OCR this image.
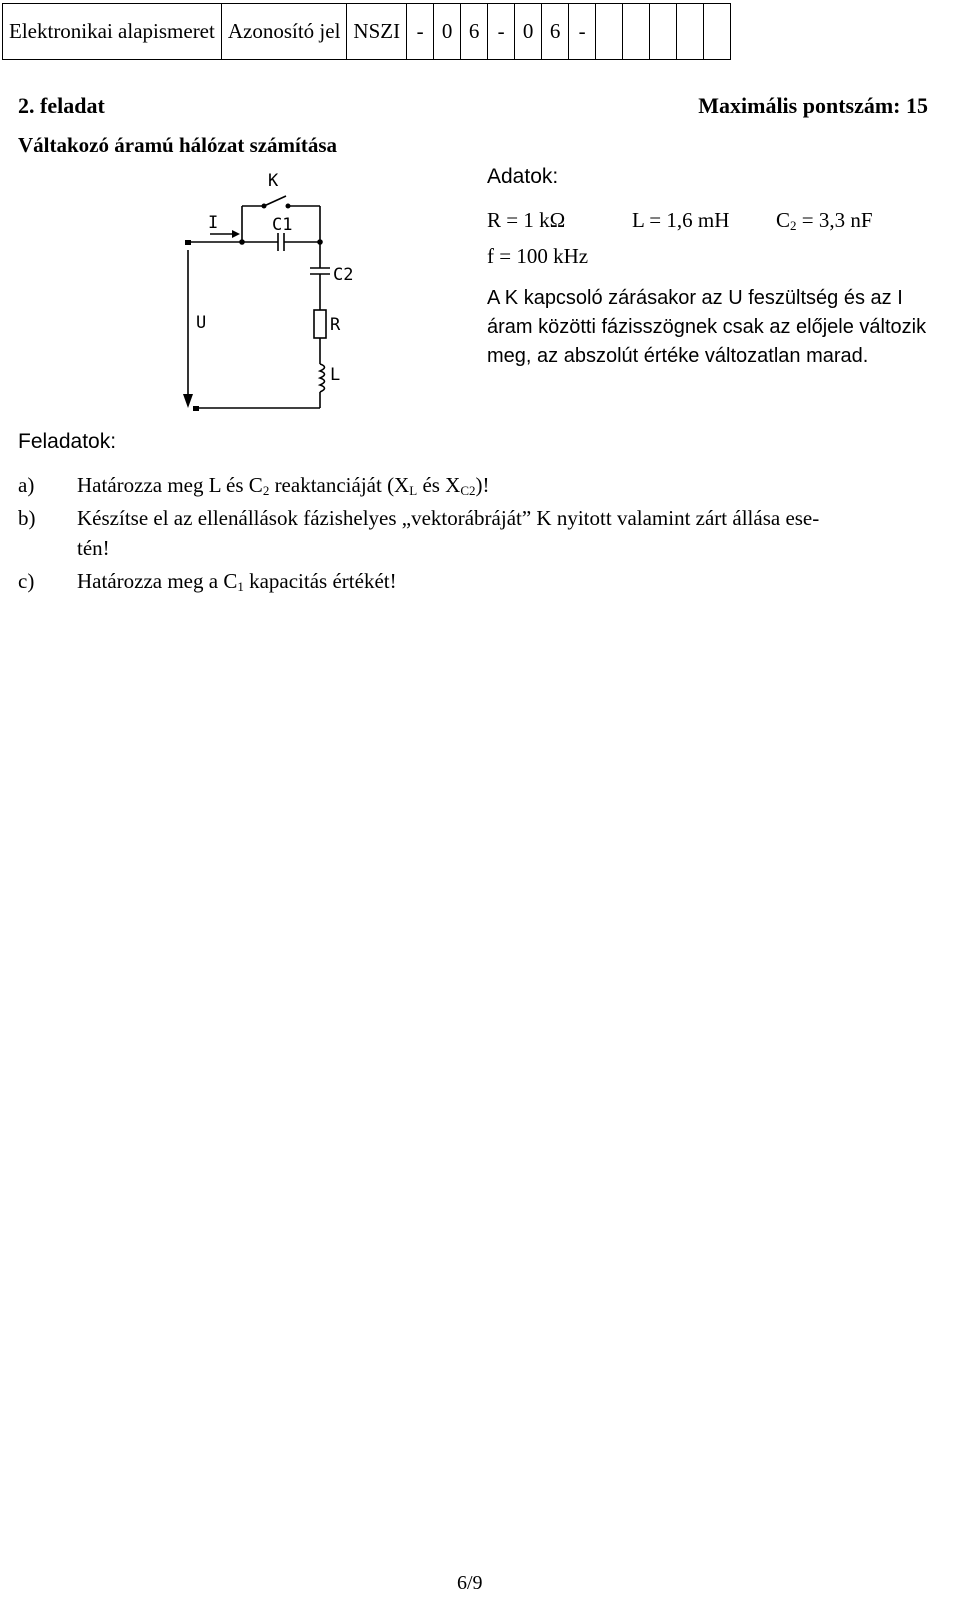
Elektronikai alapismeret	Azonosító jel	NSZI	-	0	6	-	0	6	-					
2. feladat	Maximális pontszám: 15
Váltakozó áramú hálózat számítása
K
C1
C2
R
L
I
U
Adatok:
R = 1 kΩ	L = 1,6 mH $C_2 = 3,3$ nF
f = 100 kHz
A K kapcsoló zárásakor az U feszültség és az I áram közötti fázisszögnek csak az előjele változik meg, az abszolút értéke változatlan marad.
Feladatok:
a) Határozza meg L és $C_2$ reaktanciáját ($X_L$ és $X_{C2}$)!
b) Készítse el az ellenállások fázishelyes „vektorábráját” K nyitott valamint zárt állása ese-
tén!
c) Határozza meg a $C_1$ kapacitás értékét!
6/9
